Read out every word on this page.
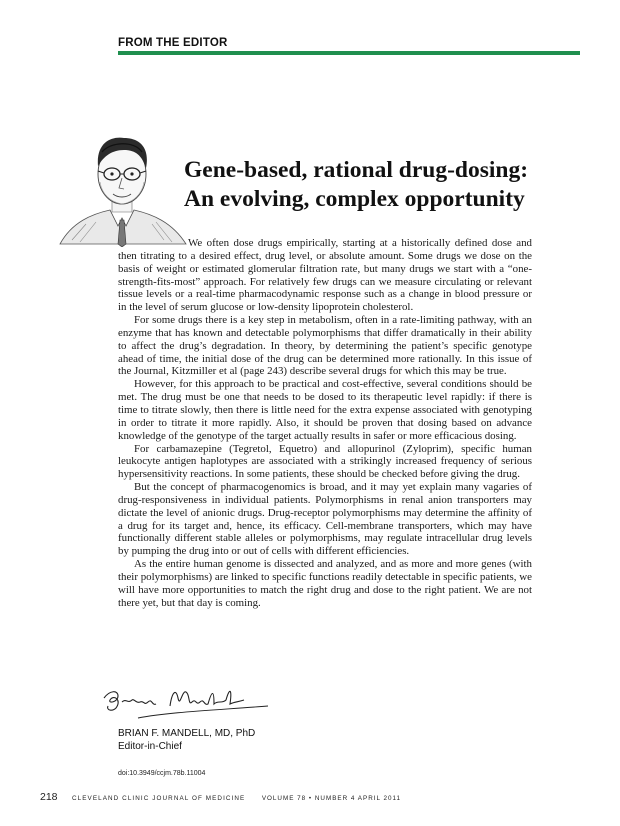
FROM THE EDITOR
Gene-based, rational drug-dosing:
An evolving, complex opportunity

We often dose drugs empirically, starting at a historically defined dose and then titrating to a desired effect, drug level, or absolute amount. Some drugs we dose on the basis of weight or estimated glomerular filtration rate, but many drugs we start with a “one-strength-fits-most” approach. For relatively few drugs can we measure circulating or relevant tissue levels or a real-time pharmacodynamic response such as a change in blood pressure or in the level of serum glucose or low-density lipoprotein cholesterol.

For some drugs there is a key step in metabolism, often in a rate-limiting pathway, with an enzyme that has known and detectable polymorphisms that differ dramatically in their ability to affect the drug’s degradation. In theory, by determining the patient’s specific genotype ahead of time, the initial dose of the drug can be determined more rationally. In this issue of the Journal, Kitzmiller et al (page 243) describe several drugs for which this may be true.

However, for this approach to be practical and cost-effective, several conditions should be met. The drug must be one that needs to be dosed to its therapeutic level rapidly: if there is time to titrate slowly, then there is little need for the extra expense associated with genotyping in order to titrate it more rapidly. Also, it should be proven that dosing based on advance knowledge of the genotype of the target actually results in safer or more efficacious dosing.

For carbamazepine (Tegretol, Equetro) and allopurinol (Zyloprim), specific human leukocyte antigen haplotypes are associated with a strikingly increased frequency of serious hypersensitivity reactions. In some patients, these should be checked before giving the drug.

But the concept of pharmacogenomics is broad, and it may yet explain many vagaries of drug-responsiveness in individual patients. Polymorphisms in renal anion transporters may dictate the level of anionic drugs. Drug-receptor polymorphisms may determine the affinity of a drug for its target and, hence, its efficacy. Cell-membrane transporters, which may have functionally different stable alleles or polymorphisms, may regulate intracellular drug levels by pumping the drug into or out of cells with different efficiencies.

As the entire human genome is dissected and analyzed, and as more and more genes (with their polymorphisms) are linked to specific functions readily detectable in specific patients, we will have more opportunities to match the right drug and dose to the right patient. We are not there yet, but that day is coming.

BRIAN F. MANDELL, MD, PhD
Editor-in-Chief
doi:10.3949/ccjm.78b.11004
218 CLEVELAND CLINIC JOURNAL OF MEDICINE	VOLUME 78 • NUMBER 4 APRIL 2011
